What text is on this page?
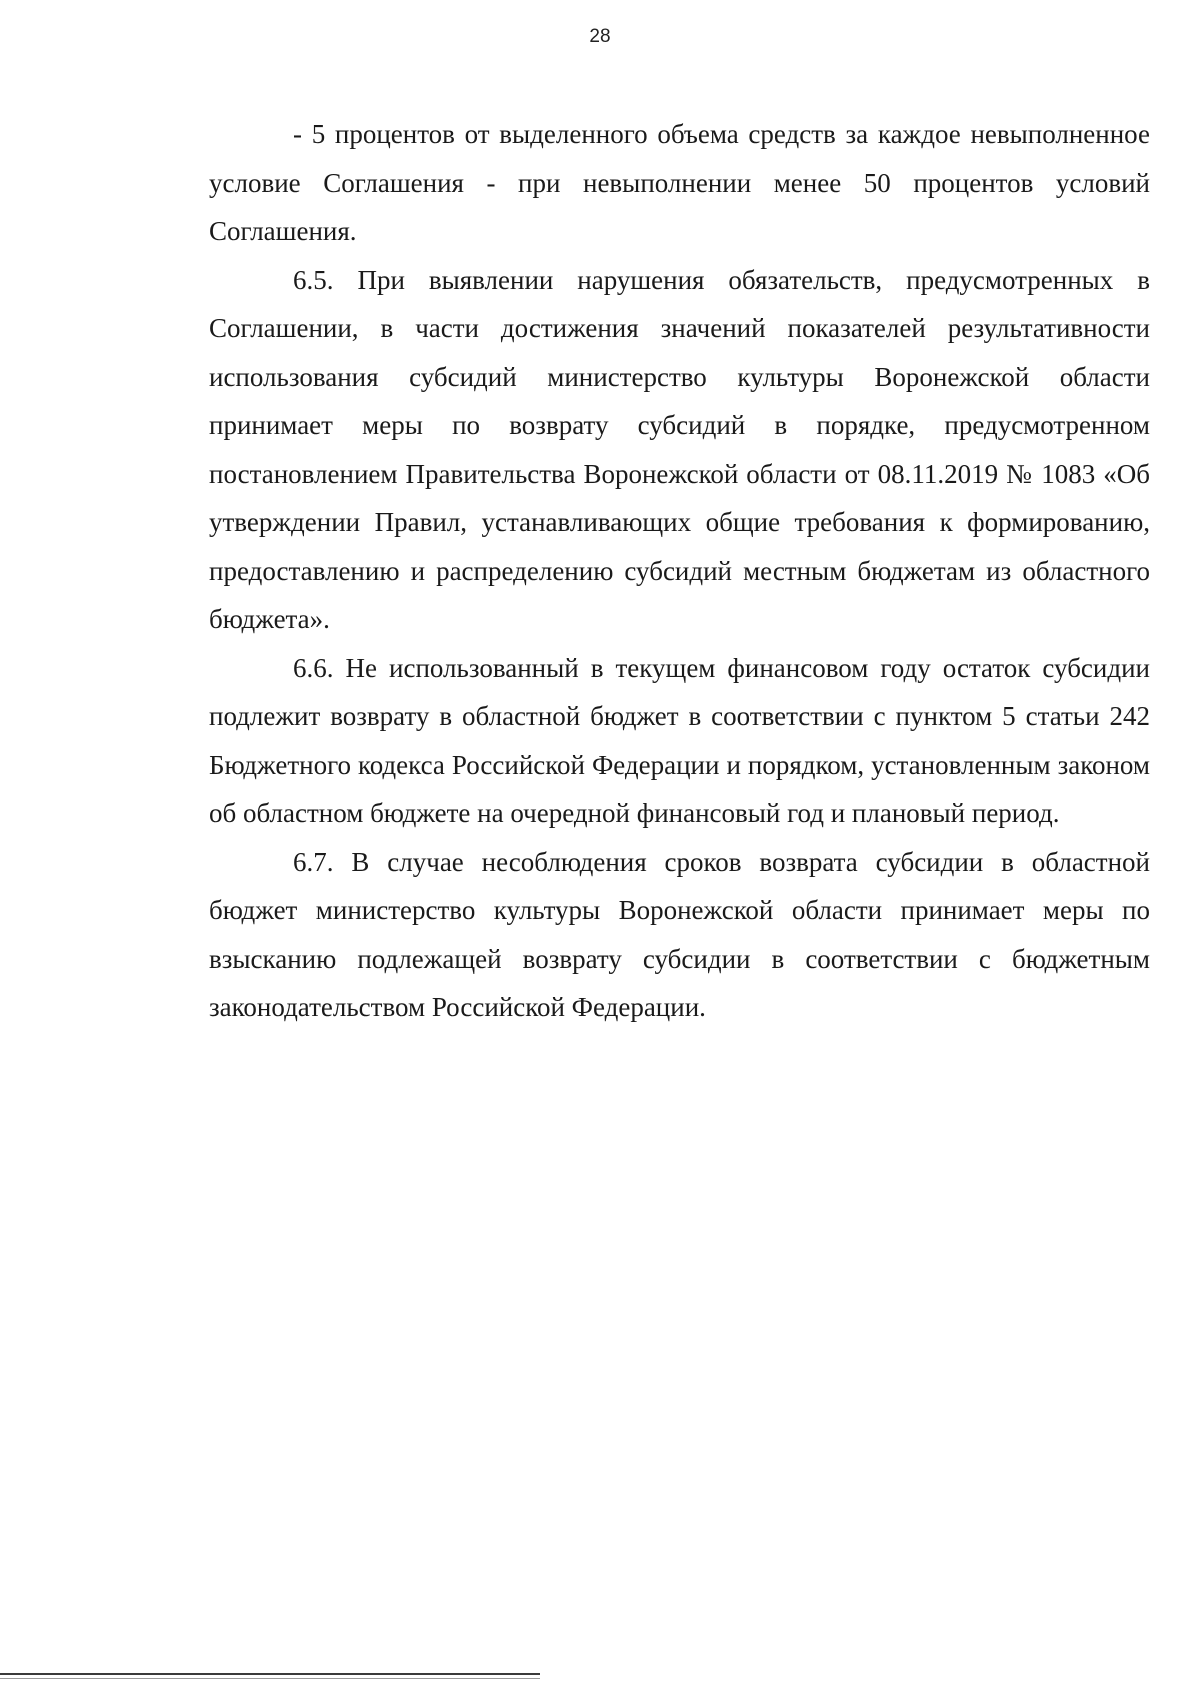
28

- 5 процентов от выделенного объема средств за каждое невыполненное условие Соглашения - при невыполнении менее 50 процентов условий Соглашения.

6.5. При выявлении нарушения обязательств, предусмотренных в Соглашении, в части достижения значений показателей результативности использования субсидий министерство культуры Воронежской области принимает меры по возврату субсидий в порядке, предусмотренном постановлением Правительства Воронежской области от 08.11.2019 № 1083 «Об утверждении Правил, устанавливающих общие требования к формированию, предоставлению и распределению субсидий местным бюджетам из областного бюджета».

6.6. Не использованный в текущем финансовом году остаток субсидии подлежит возврату в областной бюджет в соответствии с пунктом 5 статьи 242 Бюджетного кодекса Российской Федерации и порядком, установленным законом об областном бюджете на очередной финансовый год и плановый период.

6.7. В случае несоблюдения сроков возврата субсидии в областной бюджет министерство культуры Воронежской области принимает меры по взысканию подлежащей возврату субсидии в соответствии с бюджетным законодательством Российской Федерации.
